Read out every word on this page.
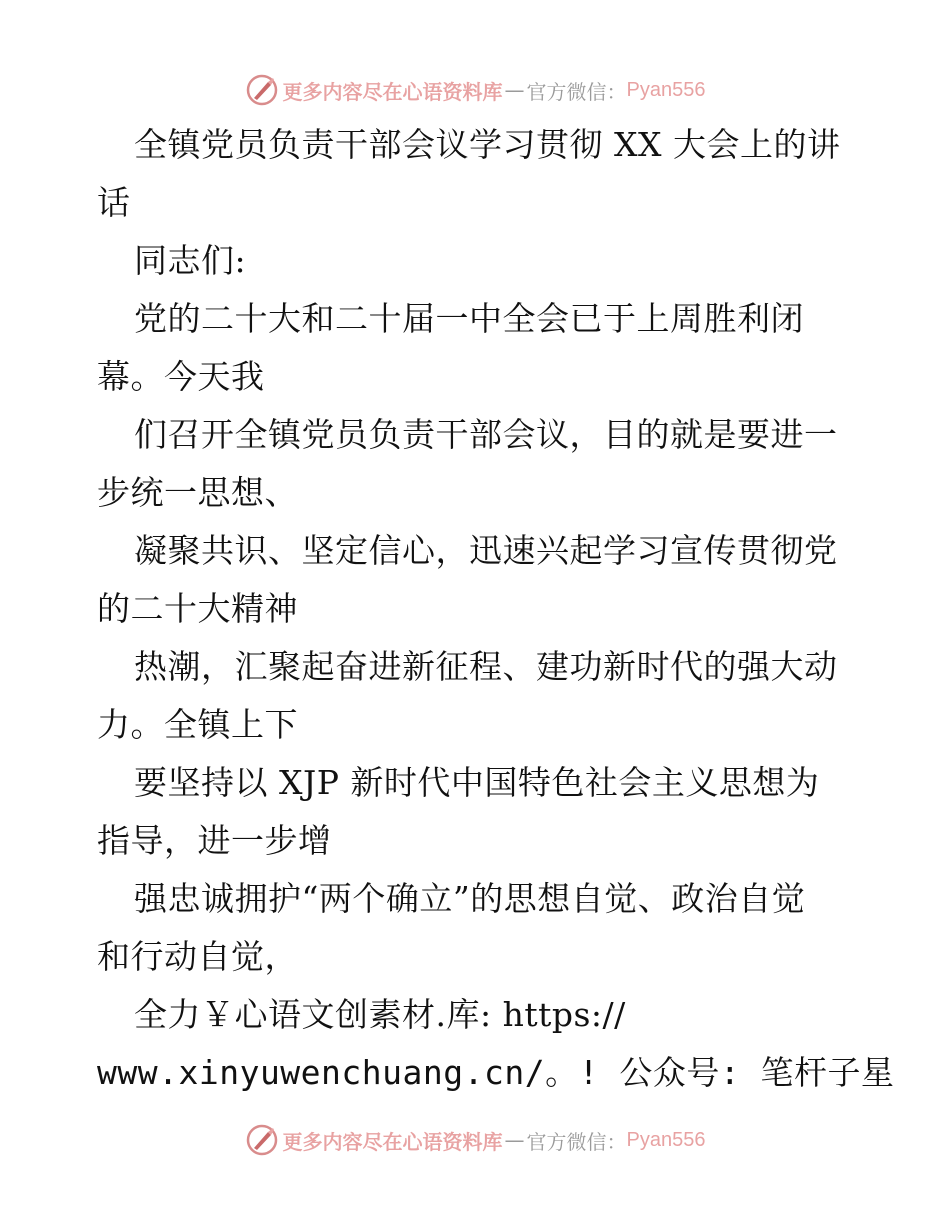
更多内容尽在心语资料库 — 官方微信： Pyan556
全镇党员负责干部会议学习贯彻 XX 大会上的讲
话
同志们:
党的二十大和二十届一中全会已于上周胜利闭
幕。今天我
们召开全镇党员负责干部会议，目的就是要进一
步统一思想、
凝聚共识、坚定信心，迅速兴起学习宣传贯彻党
的二十大精神
热潮，汇聚起奋进新征程、建功新时代的强大动
力。全镇上下
要坚持以 XJP 新时代中国特色社会主义思想为
指导，进一步增
强忠诚拥护“两个确立”的思想自觉、政治自觉
和行动自觉，
全力￥心语文创素材.库: https://
www.xinyuwenchuang.cn/。! 公众号: 笔杆子星
更多内容尽在心语资料库 — 官方微信： Pyan556
